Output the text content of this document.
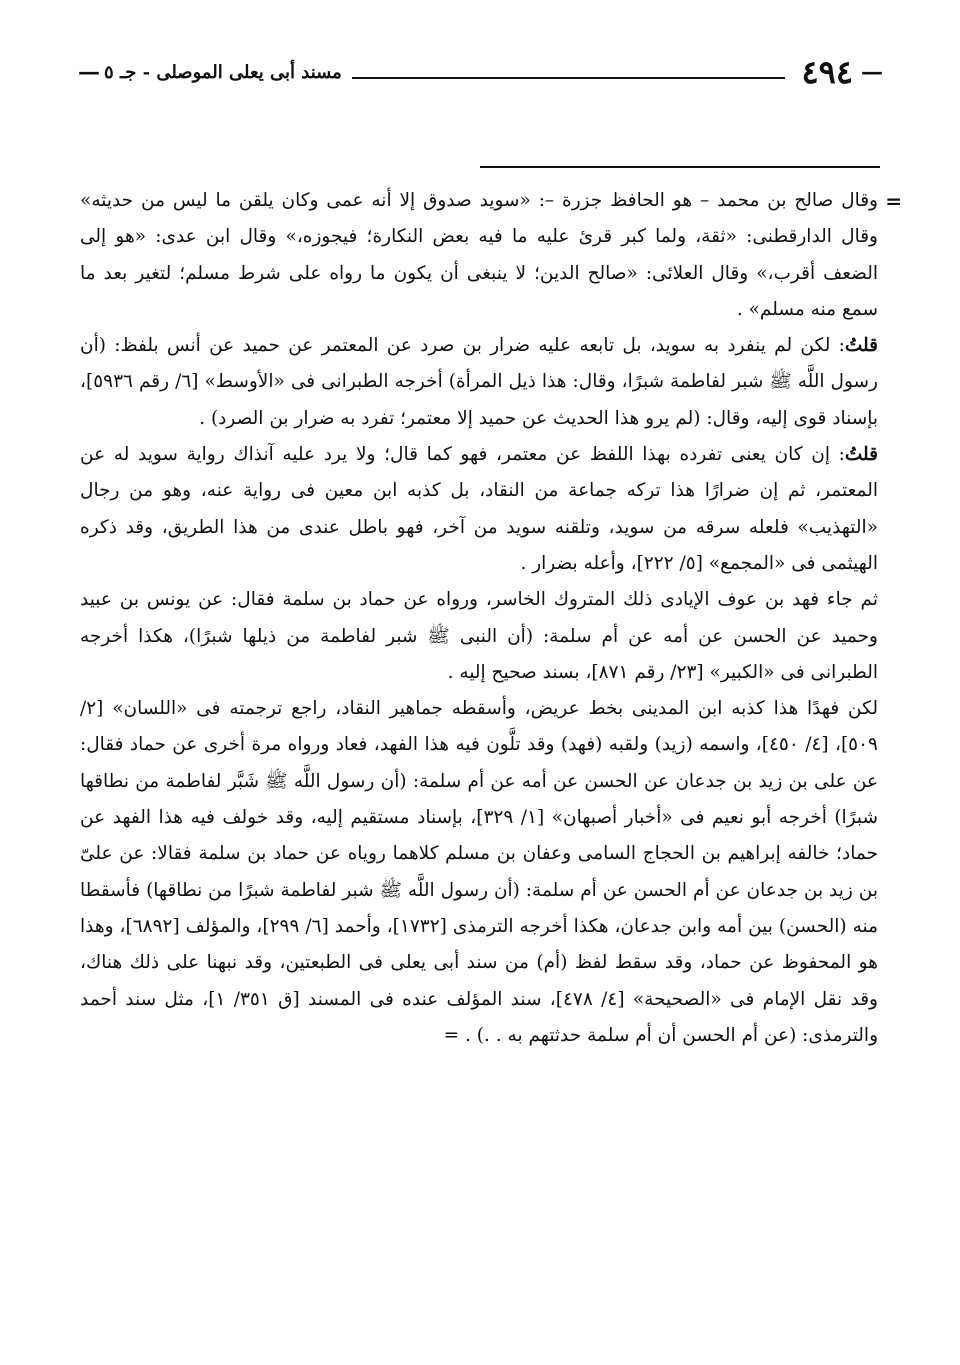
—
٤٩٤
مسند أبى يعلى الموصلى - جـ ٥
—

=
وقال صالح بن محمد – هو الحافظ جزرة –: «سويد صدوق إلا أنه عمى وكان يلقن ما ليس من حديثه» وقال الدارقطنى: «ثقة، ولما كبر قرئ عليه ما فيه بعض النكارة؛ فيجوزه،» وقال ابن عدى: «هو إلى الضعف أقرب،» وقال العلائى: «صالح الدين؛ لا ينبغى أن يكون ما رواه على شرط مسلم؛ لتغير بعد ما سمع منه مسلم» .

قلتُ: لكن لم ينفرد به سويد، بل تابعه عليه ضرار بن صرد عن المعتمر عن حميد عن أنس بلفظ: (أن رسول اللَّه ﷺ شبر لفاطمة شبرًا، وقال: هذا ذيل المرأة) أخرجه الطبرانى فى «الأوسط» [٦/ رقم ٥٩٣٦]، بإسناد قوى إليه، وقال: (لم يرو هذا الحديث عن حميد إلا معتمر؛ تفرد به ضرار بن الصرد) .

قلتُ: إن كان يعنى تفرده بهذا اللفظ عن معتمر، فهو كما قال؛ ولا يرد عليه آنذاك رواية سويد له عن المعتمر، ثم إن ضرارًا هذا تركه جماعة من النقاد، بل كذبه ابن معين فى رواية عنه، وهو من رجال «التهذيب» فلعله سرقه من سويد، وتلقنه سويد من آخر، فهو باطل عندى من هذا الطريق، وقد ذكره الهيثمى فى «المجمع» [٥/ ٢٢٢]، وأعله بضرار .

ثم جاء فهد بن عوف الإيادى ذلك المتروك الخاسر، ورواه عن حماد بن سلمة فقال: عن يونس بن عبيد وحميد عن الحسن عن أمه عن أم سلمة: (أن النبى ﷺ شبر لفاطمة من ذيلها شبرًا)، هكذا أخرجه الطبرانى فى «الكبير» [٢٣/ رقم ٨٧١]، بسند صحيح إليه .

لكن فهدًا هذا كذبه ابن المدينى بخط عريض، وأسقطه جماهير النقاد، راجع ترجمته فى «اللسان» [٢/ ٥٠٩]، [٤/ ٤٥٠]، واسمه (زيد) ولقبه (فهد) وقد تلَّون فيه هذا الفهد، فعاد ورواه مرة أخرى عن حماد فقال: عن على بن زيد بن جدعان عن الحسن عن أمه عن أم سلمة: (أن رسول اللَّه ﷺ شَبَّر لفاطمة من نطاقها شبرًا) أخرجه أبو نعيم فى «أخبار أصبهان» [١/ ٣٢٩]، بإسناد مستقيم إليه، وقد خولف فيه هذا الفهد عن حماد؛ خالفه إبراهيم بن الحجاج السامى وعفان بن مسلم كلاهما روياه عن حماد بن سلمة فقالا: عن علىّ بن زيد بن جدعان عن أم الحسن عن أم سلمة: (أن رسول اللَّه ﷺ شبر لفاطمة شبرًا من نطاقها) فأسقطا منه (الحسن) بين أمه وابن جدعان، هكذا أخرجه الترمذى [١٧٣٢]، وأحمد [٦/ ٢٩٩]، والمؤلف [٦٨٩٢]، وهذا هو المحفوظ عن حماد، وقد سقط لفظ (أم) من سند أبى يعلى فى الطبعتين، وقد نبهنا على ذلك هناك، وقد نقل الإمام فى «الصحيحة» [٤/ ٤٧٨]، سند المؤلف عنده فى المسند [ق ٣٥١/ ١]، مثل سند أحمد والترمذى: (عن أم الحسن أن أم سلمة حدثتهم به . .) . =
